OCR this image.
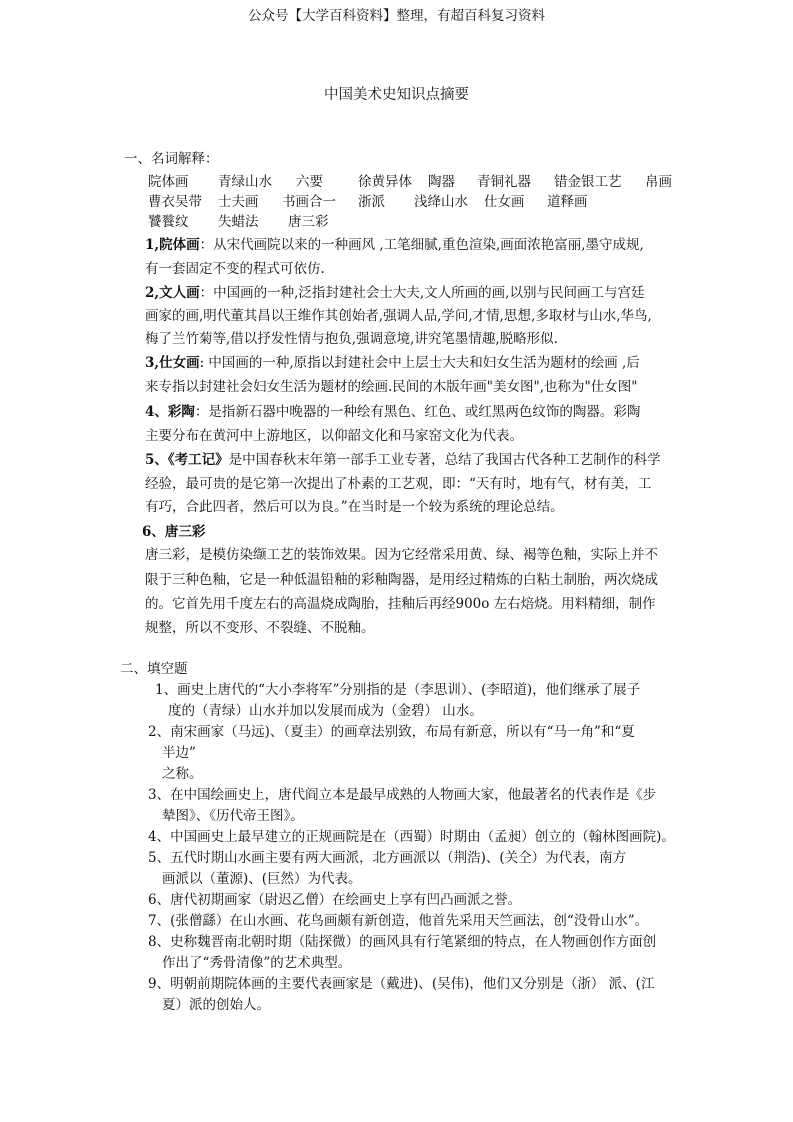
公众号【大学百科资料】整理，有超百科复习资料
中国美术史知识点摘要
一、名词解释：
院体画 青绿山水 六要	徐黄异体 陶器 青铜礼器 错金银工艺 帛画
曹衣吴带 士夫画 书画合一 浙派 浅绛山水 仕女画 道释画
饕餮纹 失蜡法 唐三彩
1,院体画：从宋代画院以来的一种画风 ,工笔细腻,重色渲染,画面浓艳富丽,墨守成规,
有一套固定不变的程式可依仿.
2,文人画：中国画的一种,泛指封建社会士大夫,文人所画的画,以别与民间画工与宫廷
画家的画,明代董其昌以王维作其创始者,强调人品,学问,才情,思想,多取材与山水,华鸟,
梅了兰竹菊等,借以抒发性情与抱负,强调意境,讲究笔墨情趣,脱略形似.
3,仕女画: 中国画的一种,原指以封建社会中上层士大夫和妇女生活为题材的绘画 ,后
来专指以封建社会妇女生活为题材的绘画.民间的木版年画"美女图",也称为"仕女图"
4、彩陶：是指新石器中晚器的一种绘有黑色、红色、或红黑两色纹饰的陶器。彩陶
主要分布在黄河中上游地区，以仰韶文化和马家窑文化为代表。
5、《考工记》是中国春秋末年第一部手工业专著，总结了我国古代各种工艺制作的科学
经验，最可贵的是它第一次提出了朴素的工艺观，即：“天有时，地有气，材有美，工
有巧，合此四者，然后可以为良。”在当时是一个较为系统的理论总结。
6、唐三彩
唐三彩，是模仿染缬工艺的装饰效果。因为它经常采用黄、绿、褐等色釉，实际上并不
限于三种色釉，它是一种低温铅釉的彩釉陶器，是用经过精炼的白粘土制胎，两次烧成
的。它首先用千度左右的高温烧成陶胎，挂釉后再经900o 左右焙烧。用料精细，制作
规整，所以不变形、不裂缝、不脱釉。
二、填空题
1、画史上唐代的“大小李将军”分别指的是（李思训）、(李昭道)，他们继承了展子
度的（青绿）山水并加以发展而成为（金碧） 山水。
2、南宋画家（马远)、（夏圭）的画章法别致，布局有新意，所以有“马一角”和“夏
半边”
之称。
3、在中国绘画史上，唐代阎立本是最早成熟的人物画大家，他最著名的代表作是《步
辇图》、《历代帝王图》。
4、中国画史上最早建立的正规画院是在（西蜀）时期由（孟昶）创立的（翰林图画院)。
5、五代时期山水画主要有两大画派，北方画派以（荆浩)、(关仝）为代表，南方
画派以（董源)、(巨然）为代表。
6、唐代初期画家（尉迟乙僧）在绘画史上享有凹凸画派之誉。
7、(张僧繇）在山水画、花鸟画颇有新创造，他首先采用天竺画法，创“没骨山水”。
8、史称魏晋南北朝时期（陆探微）的画风具有行笔紧细的特点，在人物画创作方面创
作出了“秀骨清像”的艺术典型。
9、明朝前期院体画的主要代表画家是（戴进)、(吴伟)，他们又分别是（浙） 派、(江
夏）派的创始人。
